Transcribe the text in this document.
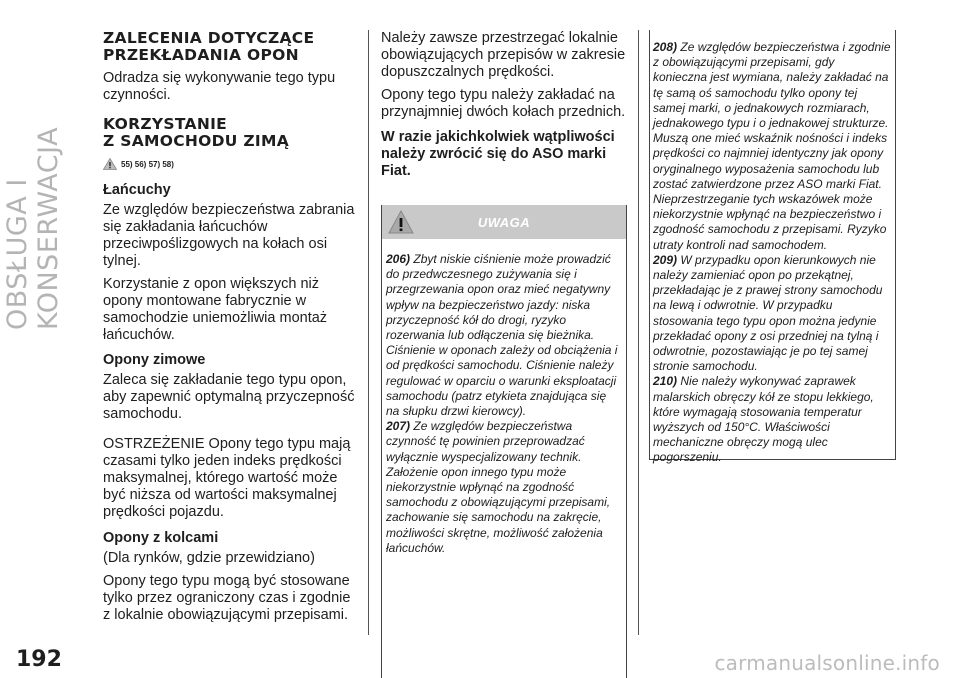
OBSŁUGA I KONSERWACJA
ZALECENIA DOTYCZĄCE
PRZEKŁADANIA OPON
Odradza się wykonywanie tego typu czynności.
KORZYSTANIE
Z SAMOCHODU ZIMĄ
55) 56) 57) 58)
Łańcuchy
Ze względów bezpieczeństwa zabrania się zakładania łańcuchów przeciwpoślizgowych na kołach osi tylnej.
Korzystanie z opon większych niż opony montowane fabrycznie w samochodzie uniemożliwia montaż łańcuchów.
Opony zimowe
Zaleca się zakładanie tego typu opon, aby zapewnić optymalną przyczepność samochodu.
OSTRZEŻENIE Opony tego typu mają czasami tylko jeden indeks prędkości maksymalnej, którego wartość może być niższa od wartości maksymalnej prędkości pojazdu.
Opony z kolcami
(Dla rynków, gdzie przewidziano)
Opony tego typu mogą być stosowane tylko przez ograniczony czas i zgodnie z lokalnie obowiązującymi przepisami.
Należy zawsze przestrzegać lokalnie obowiązujących przepisów w zakresie dopuszczalnych prędkości.
Opony tego typu należy zakładać na przynajmniej dwóch kołach przednich.
W razie jakichkolwiek wątpliwości należy zwrócić się do ASO marki Fiat.
UWAGA
206) Zbyt niskie ciśnienie może prowadzić do przedwczesnego zużywania się i przegrzewania opon oraz mieć negatywny wpływ na bezpieczeństwo jazdy: niska przyczepność kół do drogi, ryzyko rozerwania lub odłączenia się bieżnika. Ciśnienie w oponach zależy od obciążenia i od prędkości samochodu. Ciśnienie należy regulować w oparciu o warunki eksploatacji samochodu (patrz etykieta znajdująca się na słupku drzwi kierowcy).
207) Ze względów bezpieczeństwa czynność tę powinien przeprowadzać wyłącznie wyspecjalizowany technik. Założenie opon innego typu może niekorzystnie wpłynąć na zgodność samochodu z obowiązującymi przepisami, zachowanie się samochodu na zakręcie, możliwości skrętne, możliwość założenia łańcuchów.
208) Ze względów bezpieczeństwa i zgodnie z obowiązującymi przepisami, gdy konieczna jest wymiana, należy zakładać na tę samą oś samochodu tylko opony tej samej marki, o jednakowych rozmiarach, jednakowego typu i o jednakowej strukturze. Muszą one mieć wskaźnik nośności i indeks prędkości co najmniej identyczny jak opony oryginalnego wyposażenia samochodu lub zostać zatwierdzone przez ASO marki Fiat. Nieprzestrzeganie tych wskazówek może niekorzystnie wpłynąć na bezpieczeństwo i zgodność samochodu z przepisami. Ryzyko utraty kontroli nad samochodem.
209) W przypadku opon kierunkowych nie należy zamieniać opon po przekątnej, przekładając je z prawej strony samochodu na lewą i odwrotnie. W przypadku stosowania tego typu opon można jedynie przekładać opony z osi przedniej na tylną i odwrotnie, pozostawiając je po tej samej stronie samochodu.
210) Nie należy wykonywać zaprawek malarskich obręczy kół ze stopu lekkiego, które wymagają stosowania temperatur wyższych od 150°C. Właściwości mechaniczne obręczy mogą ulec pogorszeniu.
192	carmanualsonline.info
